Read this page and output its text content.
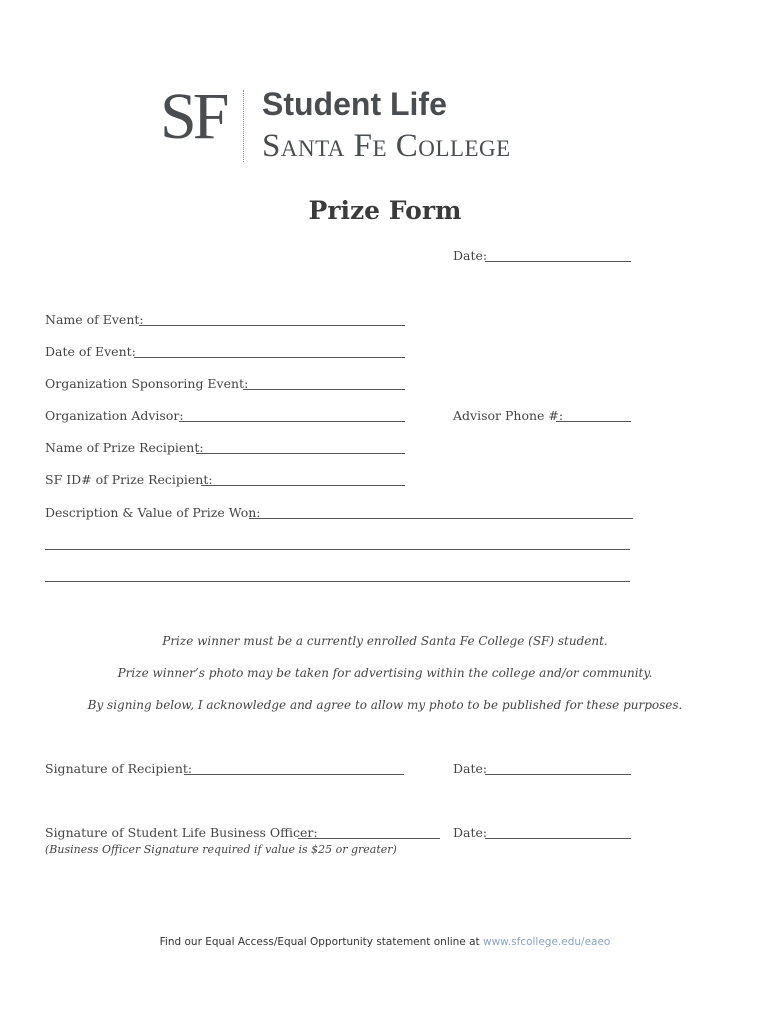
SF Student Life
Santa Fe College
Prize Form
Date:
Name of Event:
Date of Event:
Organization Sponsoring Event:
Organization Advisor:	Advisor Phone #:
Name of Prize Recipient:
SF ID# of Prize Recipient:
Description & Value of Prize Won:
Prize winner must be a currently enrolled Santa Fe College (SF) student.
Prize winner’s photo may be taken for advertising within the college and/or community.
By signing below, I acknowledge and agree to allow my photo to be published for these purposes.
Signature of Recipient:	Date:
Signature of Student Life Business Officer:	Date:
(Business Officer Signature required if value is $25 or greater)
Find our Equal Access/Equal Opportunity statement online at www.sfcollege.edu/eaeo
